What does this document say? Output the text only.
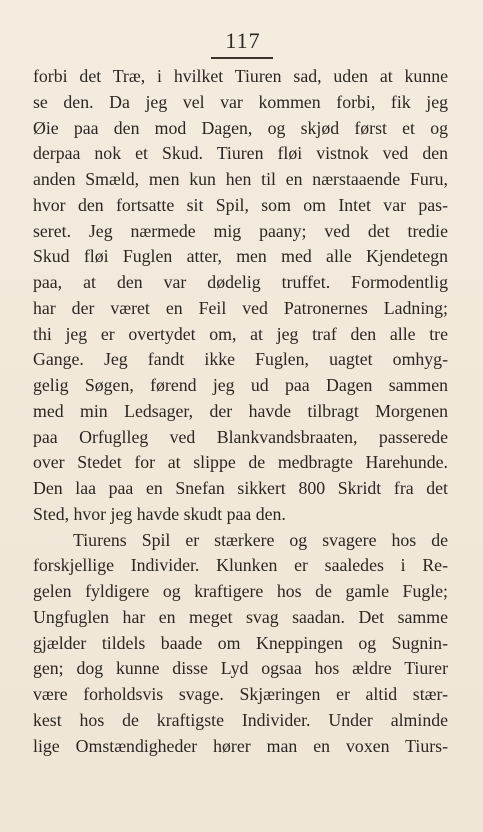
117
forbi det Træ, i hvilket Tiuren sad, uden at kunne
se den. Da jeg vel var kommen forbi, fik jeg
Øie paa den mod Dagen, og skjød først et og
derpaa nok et Skud. Tiuren fløi vistnok ved den
anden Smæld, men kun hen til en nærstaaende Furu,
hvor den fortsatte sit Spil, som om Intet var pas-
seret. Jeg nærmede mig paany; ved det tredie
Skud fløi Fuglen atter, men med alle Kjendetegn
paa, at den var dødelig truffet. Formodentlig
har der været en Feil ved Patronernes Ladning;
thi jeg er overtydet om, at jeg traf den alle tre
Gange. Jeg fandt ikke Fuglen, uagtet omhyg-
gelig Søgen, førend jeg ud paa Dagen sammen
med min Ledsager, der havde tilbragt Morgenen
paa Orfuglleg ved Blankvandsbraaten, passerede
over Stedet for at slippe de medbragte Harehunde.
Den laa paa en Snefan sikkert 800 Skridt fra det
Sted, hvor jeg havde skudt paa den.
Tiurens Spil er stærkere og svagere hos de
forskjellige Individer. Klunken er saaledes i Re-
gelen fyldigere og kraftigere hos de gamle Fugle;
Ungfuglen har en meget svag saadan. Det samme
gjælder tildels baade om Kneppingen og Sugnin-
gen; dog kunne disse Lyd ogsaa hos ældre Tiurer
være forholdsvis svage. Skjæringen er altid stær-
kest hos de kraftigste Individer. Under alminde
lige Omstændigheder hører man en voxen Tiurs-
